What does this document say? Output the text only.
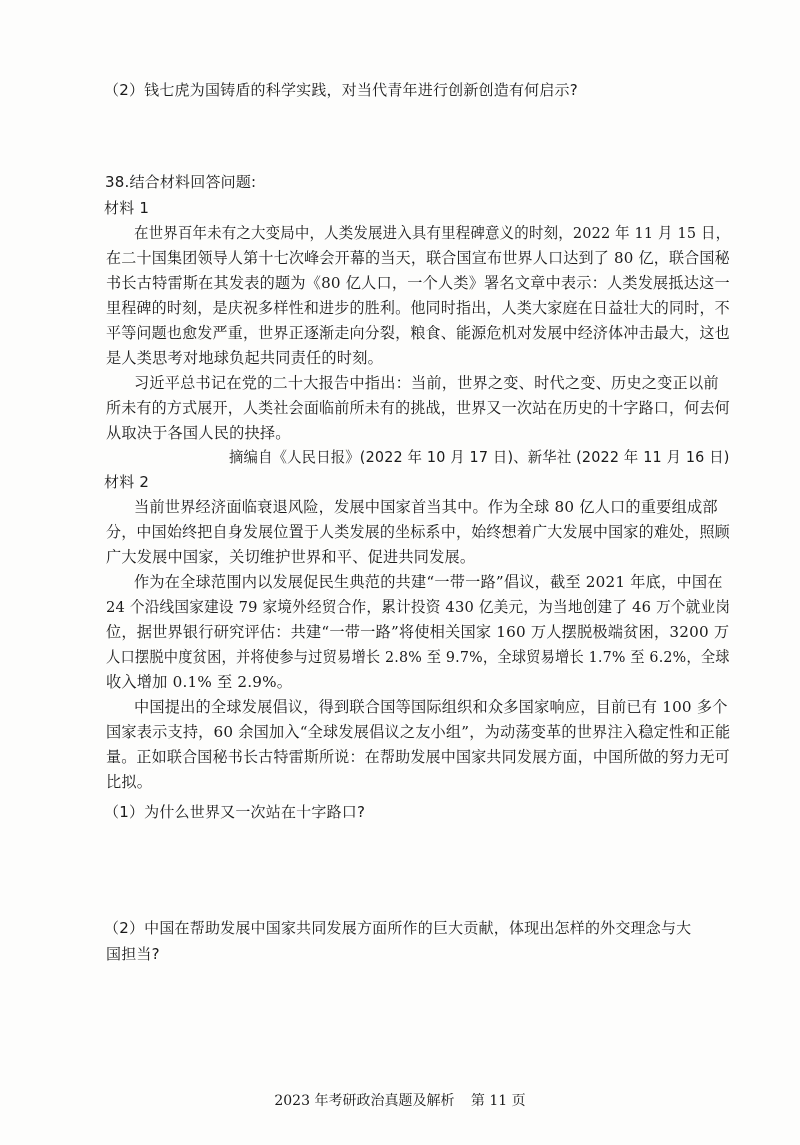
（2）钱七虎为国铸盾的科学实践，对当代青年进行创新创造有何启示?
38.结合材料回答问题:
材料 1
在世界百年未有之大变局中，人类发展进入具有里程碑意义的时刻，2022 年 11 月 15 日，
在二十国集团领导人第十七次峰会开幕的当天，联合国宣布世界人口达到了 80 亿，联合国秘
书长古特雷斯在其发表的题为《80 亿人口，一个人类》署名文章中表示：人类发展抵达这一
里程碑的时刻，是庆祝多样性和进步的胜利。他同时指出，人类大家庭在日益壮大的同时，不
平等问题也愈发严重，世界正逐渐走向分裂，粮食、能源危机对发展中经济体冲击最大，这也
是人类思考对地球负起共同责任的时刻。
习近平总书记在党的二十大报告中指出：当前，世界之变、时代之变、历史之变正以前
所未有的方式展开，人类社会面临前所未有的挑战，世界又一次站在历史的十字路口，何去何
从取决于各国人民的抉择。
摘编自《人民日报》(2022 年 10 月 17 日)、新华社 (2022 年 11 月 16 日)
材料 2
当前世界经济面临衰退风险，发展中国家首当其中。作为全球 80 亿人口的重要组成部
分，中国始终把自身发展位置于人类发展的坐标系中，始终想着广大发展中国家的难处，照顾
广大发展中国家，关切维护世界和平、促进共同发展。
作为在全球范围内以发展促民生典范的共建“一带一路”倡议，截至 2021 年底，中国在
24 个沿线国家建设 79 家境外经贸合作，累计投资 430 亿美元，为当地创建了 46 万个就业岗
位，据世界银行研究评估：共建“一带一路”将使相关国家 160 万人摆脱极端贫困，3200 万
人口摆脱中度贫困，并将使参与过贸易增长 2.8% 至 9.7%，全球贸易增长 1.7% 至 6.2%，全球
收入增加 0.1% 至 2.9%。
中国提出的全球发展倡议，得到联合国等国际组织和众多国家响应，目前已有 100 多个
国家表示支持，60 余国加入“全球发展倡议之友小组”，为动荡变革的世界注入稳定性和正能
量。正如联合国秘书长古特雷斯所说：在帮助发展中国家共同发展方面，中国所做的努力无可
比拟。
（1）为什么世界又一次站在十字路口?
（2）中国在帮助发展中国家共同发展方面所作的巨大贡献，体现出怎样的外交理念与大
国担当?
2023 年考研政治真题及解析 第 11 页
